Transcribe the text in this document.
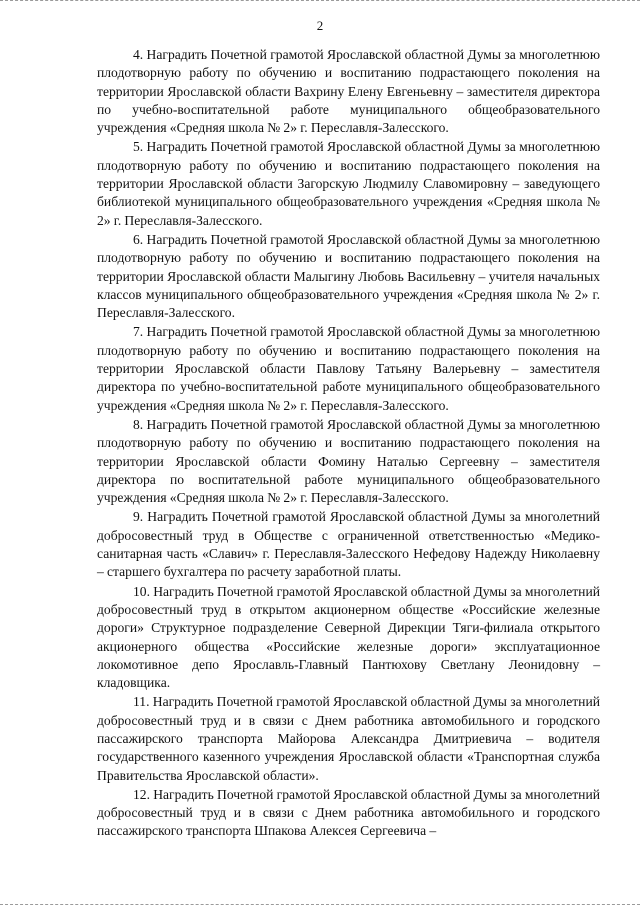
2

4. Наградить Почетной грамотой Ярославской областной Думы за многолетнюю плодотворную работу по обучению и воспитанию подрастающего поколения на территории Ярославской области Вахрину Елену Евгеньевну – заместителя директора по учебно-воспитательной работе муниципального общеобразовательного учреждения «Средняя школа № 2» г. Переславля-Залесского.

5. Наградить Почетной грамотой Ярославской областной Думы за многолетнюю плодотворную работу по обучению и воспитанию подрастающего поколения на территории Ярославской области Загорскую Людмилу Славомировну – заведующего библиотекой муниципального общеобразовательного учреждения «Средняя школа № 2» г. Переславля-Залесского.

6. Наградить Почетной грамотой Ярославской областной Думы за многолетнюю плодотворную работу по обучению и воспитанию подрастающего поколения на территории Ярославской области Малыгину Любовь Васильевну – учителя начальных классов муниципального общеобразовательного учреждения «Средняя школа № 2» г. Переславля-Залесского.

7. Наградить Почетной грамотой Ярославской областной Думы за многолетнюю плодотворную работу по обучению и воспитанию подрастающего поколения на территории Ярославской области Павлову Татьяну Валерьевну – заместителя директора по учебно-воспитательной работе муниципального общеобразовательного учреждения «Средняя школа № 2» г. Переславля-Залесского.

8. Наградить Почетной грамотой Ярославской областной Думы за многолетнюю плодотворную работу по обучению и воспитанию подрастающего поколения на территории Ярославской области Фомину Наталью Сергеевну – заместителя директора по воспитательной работе муниципального общеобразовательного учреждения «Средняя школа № 2» г. Переславля-Залесского.

9. Наградить Почетной грамотой Ярославской областной Думы за многолетний добросовестный труд в Обществе с ограниченной ответственностью «Медико-санитарная часть «Славич» г. Переславля-Залесского Нефедову Надежду Николаевну – старшего бухгалтера по расчету заработной платы.

10. Наградить Почетной грамотой Ярославской областной Думы за многолетний добросовестный труд в открытом акционерном обществе «Российские железные дороги» Структурное подразделение Северной Дирекции Тяги-филиала открытого акционерного общества «Российские железные дороги» эксплуатационное локомотивное депо Ярославль-Главный Пантюхову Светлану Леонидовну – кладовщика.

11. Наградить Почетной грамотой Ярославской областной Думы за многолетний добросовестный труд и в связи с Днем работника автомобильного и городского пассажирского транспорта Майорова Александра Дмитриевича – водителя государственного казенного учреждения Ярославской области «Транспортная служба Правительства Ярославской области».

12. Наградить Почетной грамотой Ярославской областной Думы за многолетний добросовестный труд и в связи с Днем работника автомобильного и городского пассажирского транспорта Шпакова Алексея Сергеевича –
